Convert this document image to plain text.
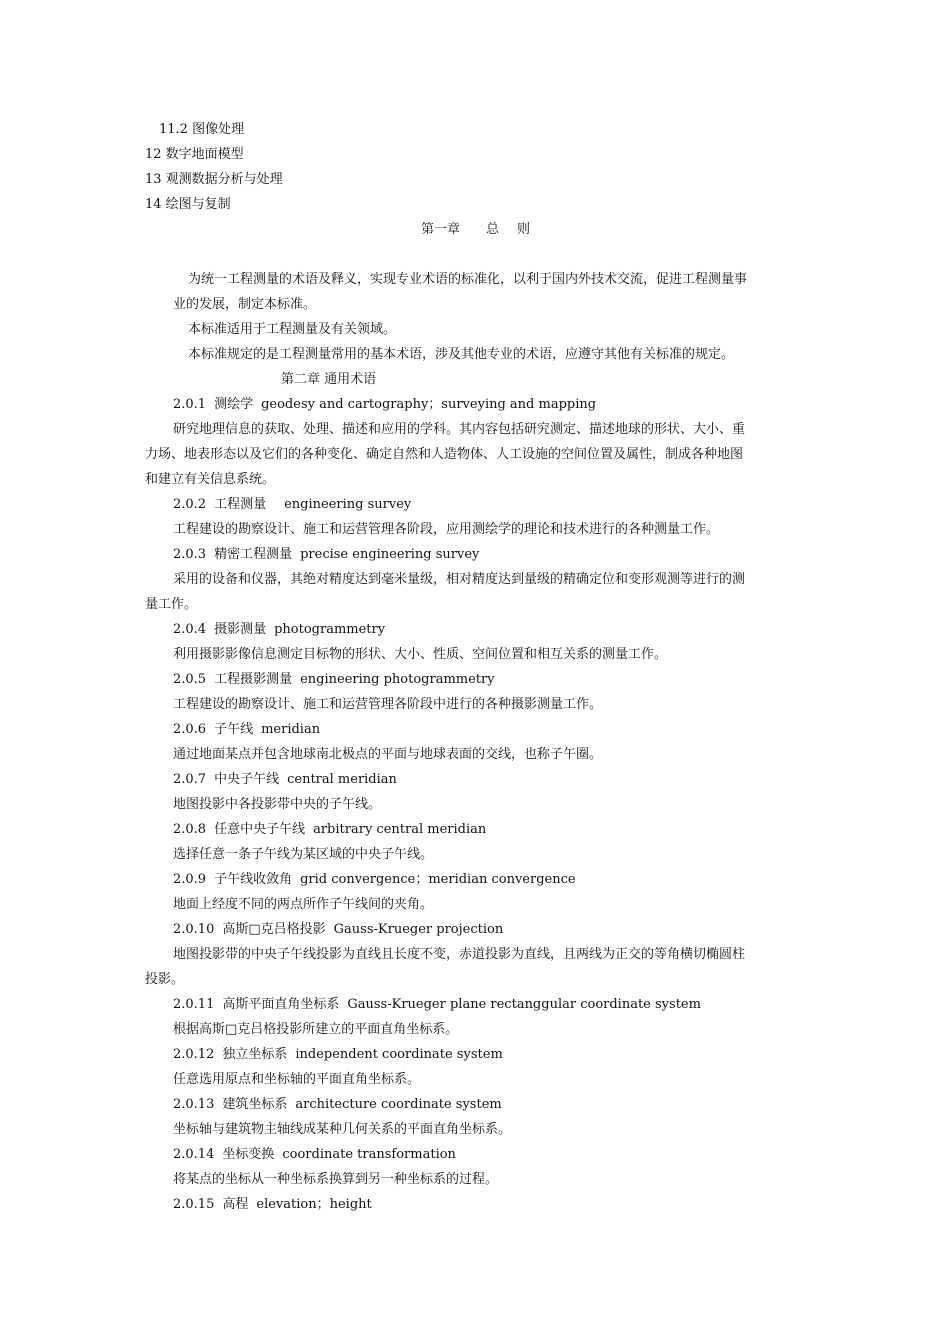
11.2 图像处理
12 数字地面模型
13 观测数据分析与处理
14 绘图与复制
第一章 总 则
为统一工程测量的术语及释义，实现专业术语的标准化，以利于国内外技术交流，促进工程测量事
业的发展，制定本标准。
本标准适用于工程测量及有关领域。
本标准规定的是工程测量常用的基本术语，涉及其他专业的术语，应遵守其他有关标准的规定。
第二章 通用术语
2.0.1 测绘学 geodesy and cartography；surveying and mapping
研究地理信息的获取、处理、描述和应用的学科。其内容包括研究测定、描述地球的形状、大小、重
力场、地表形态以及它们的各种变化、确定自然和人造物体、人工设施的空间位置及属性，制成各种地图
和建立有关信息系统。
2.0.2 工程测量 engineering survey
工程建设的勘察设计、施工和运营管理各阶段，应用测绘学的理论和技术进行的各种测量工作。
2.0.3 精密工程测量 precise engineering survey
采用的设备和仪器，其绝对精度达到毫米量级，相对精度达到量级的精确定位和变形观测等进行的测
量工作。
2.0.4 摄影测量 photogrammetry
利用摄影影像信息测定目标物的形状、大小、性质、空间位置和相互关系的测量工作。
2.0.5 工程摄影测量 engineering photogrammetry
工程建设的勘察设计、施工和运营管理各阶段中进行的各种摄影测量工作。
2.0.6 子午线 meridian
通过地面某点并包含地球南北极点的平面与地球表面的交线，也称子午圈。
2.0.7 中央子午线 central meridian
地图投影中各投影带中央的子午线。
2.0.8 任意中央子午线 arbitrary central meridian
选择任意一条子午线为某区域的中央子午线。
2.0.9 子午线收敛角 grid convergence；meridian convergence
地面上经度不同的两点所作子午线间的夹角。
2.0.10 高斯□克吕格投影 Gauss-Krueger projection
地图投影带的中央子午线投影为直线且长度不变，赤道投影为直线，且两线为正交的等角横切椭圆柱
投影。
2.0.11 高斯平面直角坐标系 Gauss-Krueger plane rectanggular coordinate system
根据高斯□克吕格投影所建立的平面直角坐标系。
2.0.12 独立坐标系 independent coordinate system
任意选用原点和坐标轴的平面直角坐标系。
2.0.13 建筑坐标系 architecture coordinate system
坐标轴与建筑物主轴线成某种几何关系的平面直角坐标系。
2.0.14 坐标变换 coordinate transformation
将某点的坐标从一种坐标系换算到另一种坐标系的过程。
2.0.15 高程 elevation；height
